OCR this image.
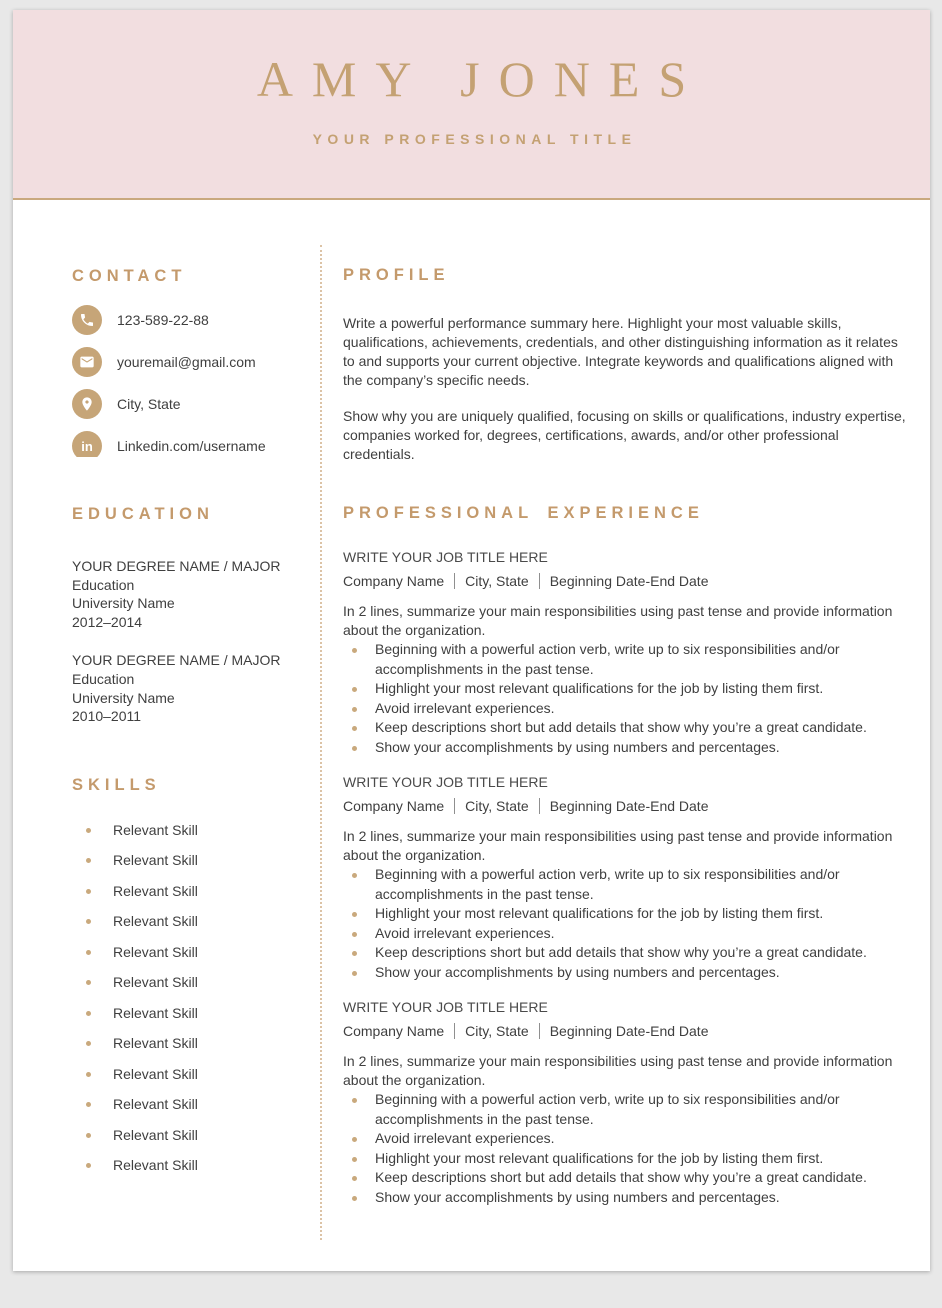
AMY JONES
YOUR PROFESSIONAL TITLE
CONTACT
123-589-22-88
youremail@gmail.com
City, State
in	Linkedin.com/username
EDUCATION
YOUR DEGREE NAME / MAJOR
Education
University Name
2012–2014
YOUR DEGREE NAME / MAJOR
Education
University Name
2010–2011
SKILLS
Relevant Skill
Relevant Skill
Relevant Skill
Relevant Skill
Relevant Skill
Relevant Skill
Relevant Skill
Relevant Skill
Relevant Skill
Relevant Skill
Relevant Skill
Relevant Skill
PROFILE

Write a powerful performance summary here. Highlight your most valuable skills, qualifications, achievements, credentials, and other distinguishing information as it relates to and supports your current objective. Integrate keywords and qualifications aligned with the company’s specific needs.

Show why you are uniquely qualified, focusing on skills or qualifications, industry expertise, companies worked for, degrees, certifications, awards, and/or other professional credentials.

PROFESSIONAL EXPERIENCE
WRITE YOUR JOB TITLE HERE
Company Name City, State Beginning Date-End Date

In 2 lines, summarize your main responsibilities using past tense and provide information about the organization.

Beginning with a powerful action verb, write up to six responsibilities and/or accomplishments in the past tense.
Highlight your most relevant qualifications for the job by listing them first.
Avoid irrelevant experiences.
Keep descriptions short but add details that show why you’re a great candidate.
Show your accomplishments by using numbers and percentages.
WRITE YOUR JOB TITLE HERE
Company Name City, State Beginning Date-End Date

In 2 lines, summarize your main responsibilities using past tense and provide information about the organization.

Beginning with a powerful action verb, write up to six responsibilities and/or accomplishments in the past tense.
Highlight your most relevant qualifications for the job by listing them first.
Avoid irrelevant experiences.
Keep descriptions short but add details that show why you’re a great candidate.
Show your accomplishments by using numbers and percentages.
WRITE YOUR JOB TITLE HERE
Company Name City, State Beginning Date-End Date

In 2 lines, summarize your main responsibilities using past tense and provide information about the organization.

Beginning with a powerful action verb, write up to six responsibilities and/or accomplishments in the past tense.
Avoid irrelevant experiences.
Highlight your most relevant qualifications for the job by listing them first.
Keep descriptions short but add details that show why you’re a great candidate.
Show your accomplishments by using numbers and percentages.
